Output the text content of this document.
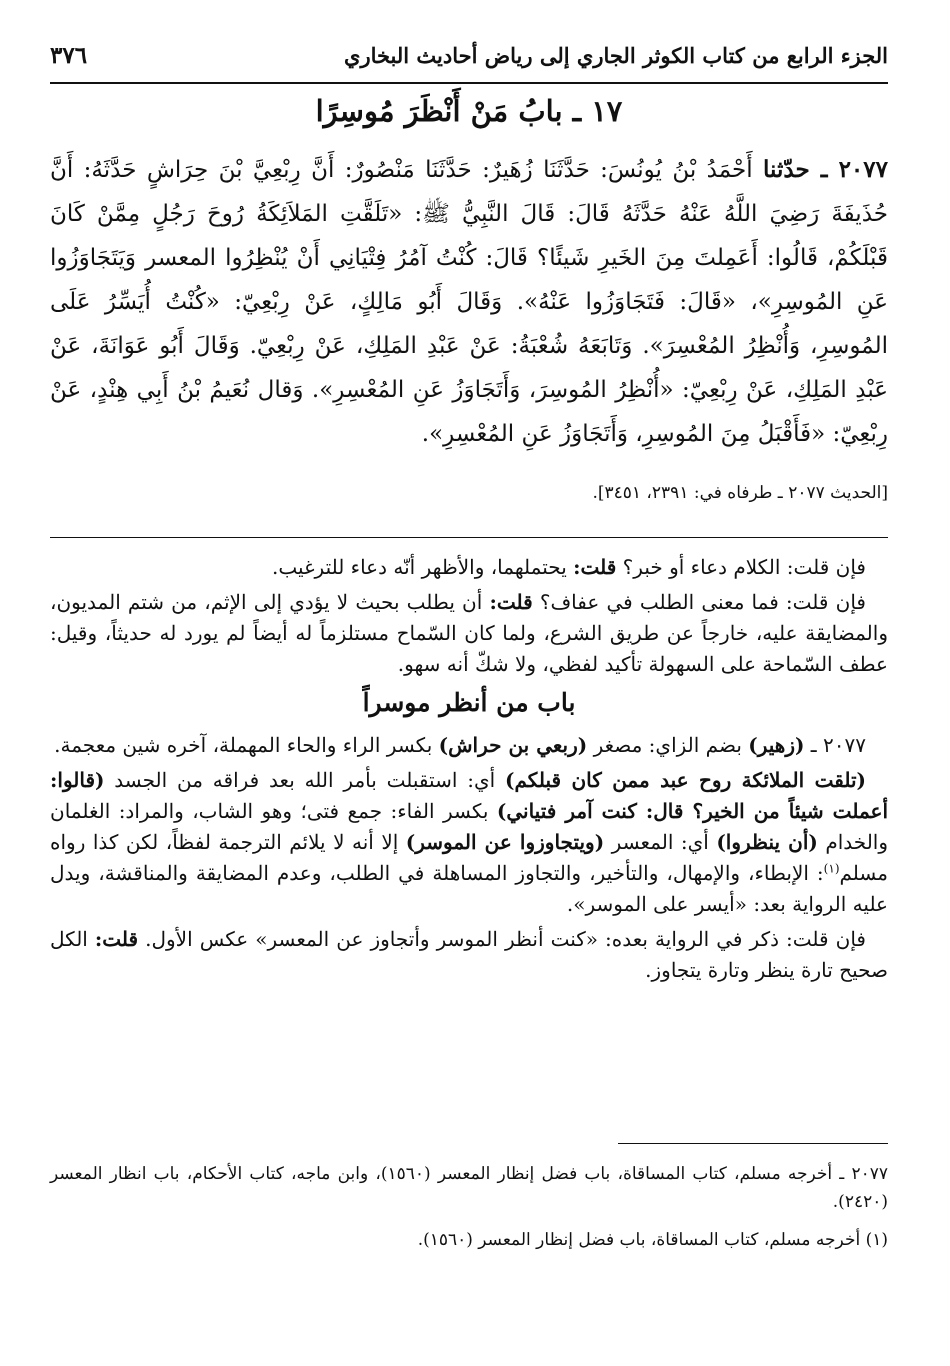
الجزء الرابع من كتاب الكوثر الجاري إلى رياض أحاديث البخاري
٣٧٦
١٧ ـ بابُ مَنْ أَنْظَرَ مُوسِرًا

٢٠٧٧ ـ حدّثنا أَحْمَدُ بْنُ يُونُسَ: حَدَّثَنَا زُهَيرٌ: حَدَّثَنَا مَنْصُورٌ: أَنَّ رِبْعِيَّ بْنَ حِرَاشٍ حَدَّثَهُ: أَنَّ حُذَيفَةَ رَضِيَ اللَّهُ عَنْهُ حَدَّثَهُ قَالَ: قَالَ النَّبِيُّ ﷺ: «تَلَقَّتِ المَلاَئِكَةُ رُوحَ رَجُلٍ مِمَّنْ كَانَ قَبْلَكُمْ، قَالُوا: أَعَمِلتَ مِنَ الخَيرِ شَيئًا؟ قَالَ: كُنْتُ آمُرُ فِتْيَانِي أَنْ يُنْظِرُوا المعسر وَيَتَجَاوَزُوا عَنِ المُوسِرِ»، «قَالَ: فَتَجَاوَزُوا عَنْهُ». وَقَالَ أَبُو مَالِكٍ، عَنْ رِبْعِيّ: «كُنْتُ أُيَسِّرُ عَلَى المُوسِرِ، وَأُنْظِرُ المُعْسِرَ». وَتَابَعَهُ شُعْبَةُ: عَنْ عَبْدِ المَلِكِ، عَنْ رِبْعِيّ. وَقَالَ أَبُو عَوَانَةَ، عَنْ عَبْدِ المَلِكِ، عَنْ رِبْعِيّ: «أُنْظِرُ المُوسِرَ، وَأَتَجَاوَزُ عَنِ المُعْسِرِ». وَقال نُعَيمُ بْنُ أَبِي هِنْدٍ، عَنْ رِبْعِيّ: «فَأَقْبَلُ مِنَ المُوسِرِ، وَأَتَجَاوَزُ عَنِ المُعْسِرِ».

[الحديث ٢٠٧٧ ـ طرفاه في: ٢٣٩١، ٣٤٥١].

فإن قلت: الكلام دعاء أو خبر؟ قلت: يحتملهما، والأظهر أنّه دعاء للترغيب.

فإن قلت: فما معنى الطلب في عفاف؟ قلت: أن يطلب بحيث لا يؤدي إلى الإثم، من شتم المديون، والمضايقة عليه، خارجاً عن طريق الشرع، ولما كان السّماح مستلزماً له أيضاً لم يورد له حديثاً، وقيل: عطف السّماحة على السهولة تأكيد لفظي، ولا شكّ أنه سهو.

باب من أنظر موسراً

٢٠٧٧ ـ (زهير) بضم الزاي: مصغر (ربعي بن حراش) بكسر الراء والحاء المهملة، آخره شين معجمة.

(تلقت الملائكة روح عبد ممن كان قبلكم) أي: استقبلت بأمر الله بعد فراقه من الجسد (قالوا: أعملت شيئاً من الخير؟ قال: كنت آمر فتياني) بكسر الفاء: جمع فتى؛ وهو الشاب، والمراد: الغلمان والخدام (أن ينظروا) أي: المعسر (ويتجاوزوا عن الموسر) إلا أنه لا يلائم الترجمة لفظاً، لكن كذا رواه مسلم$^{(١)}$: الإبطاء، والإمهال، والتأخير، والتجاوز المساهلة في الطلب، وعدم المضايقة والمناقشة، ويدل عليه الرواية بعد: «أيسر على الموسر».

فإن قلت: ذكر في الرواية بعده: «كنت أنظر الموسر وأتجاوز عن المعسر» عكس الأول. قلت: الكل صحيح تارة ينظر وتارة يتجاوز.

٢٠٧٧ ـ أخرجه مسلم، كتاب المساقاة، باب فضل إنظار المعسر (١٥٦٠)، وابن ماجه، كتاب الأحكام، باب انظار المعسر (٢٤٢٠).

(١) أخرجه مسلم، كتاب المساقاة، باب فضل إنظار المعسر (١٥٦٠).
